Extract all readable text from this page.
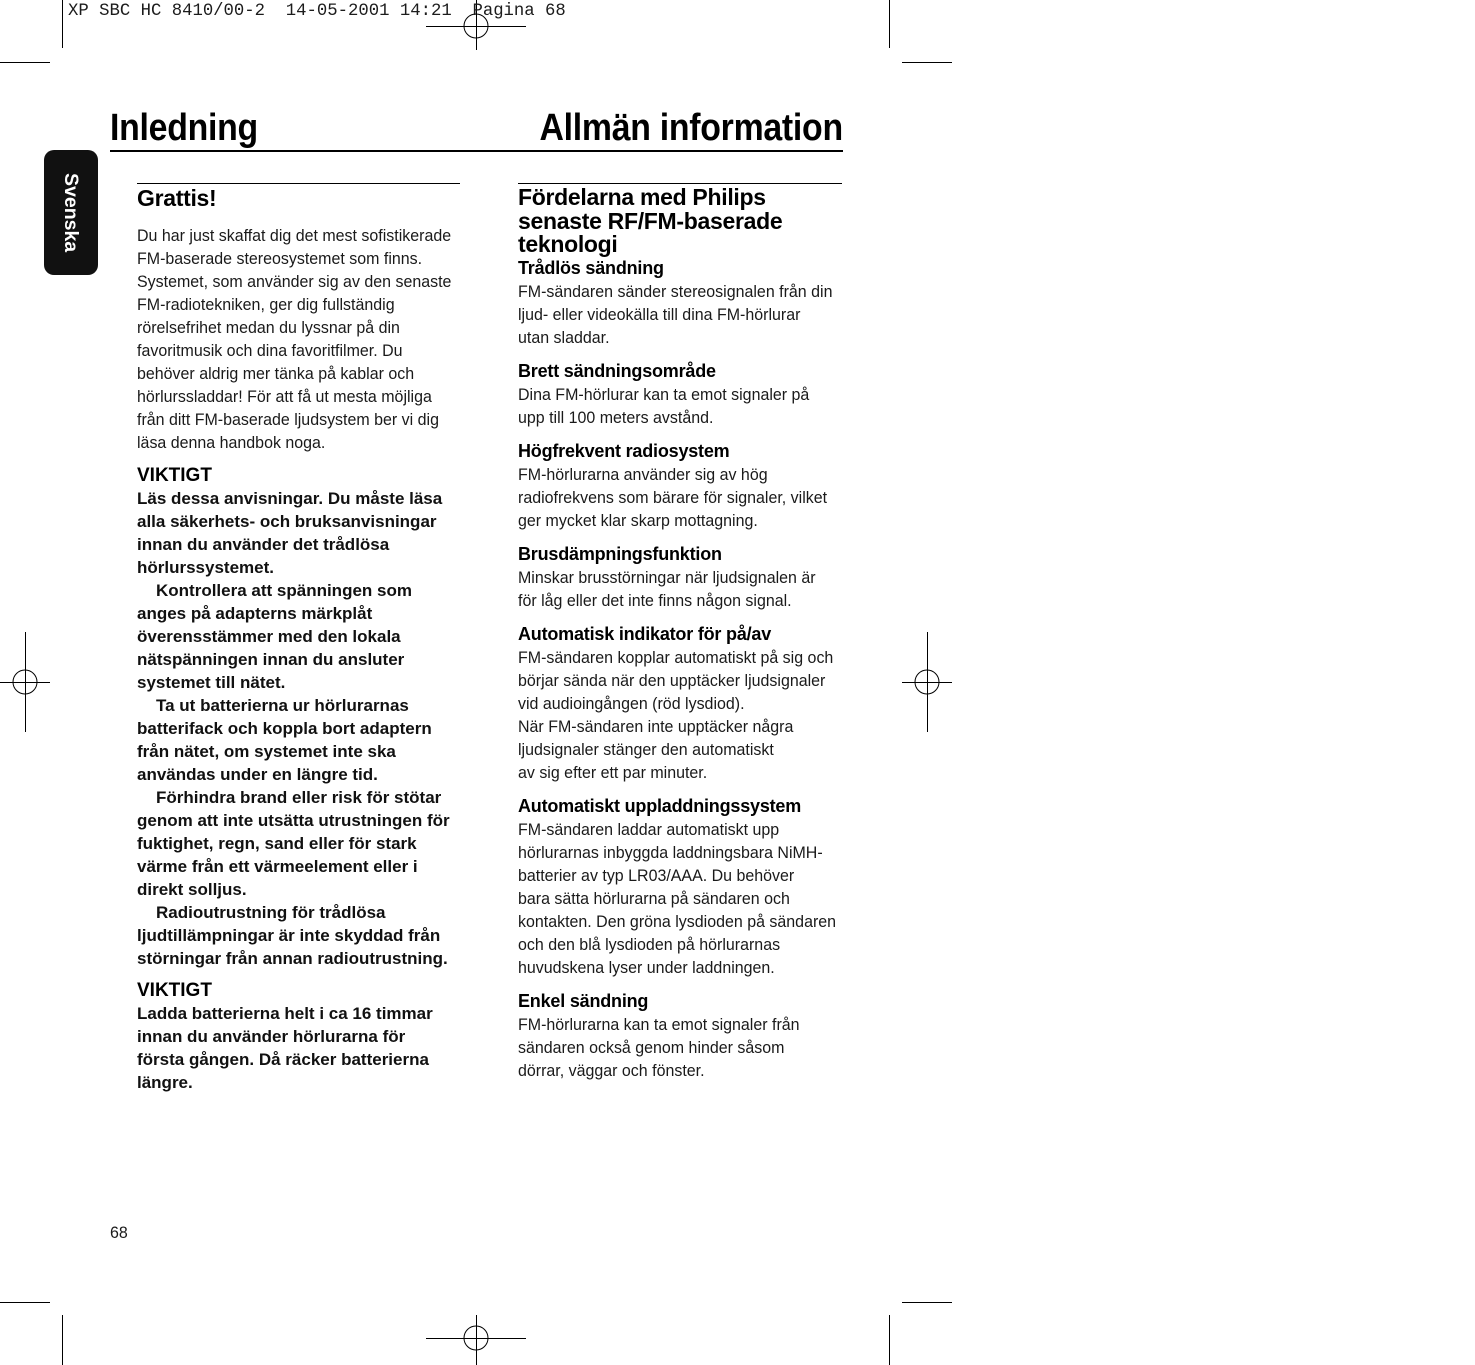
XP SBC HC 8410/00-2  14-05-2001 14:21  Pagina 68
Inledning	Allmän information
Svenska Grattis!
Du har just skaffat dig det mest sofistikerade
FM-baserade stereosystemet som finns.
Systemet, som använder sig av den senaste
FM-radiotekniken, ger dig fullständig
rörelsefrihet medan du lyssnar på din
favoritmusik och dina favoritfilmer. Du
behöver aldrig mer tänka på kablar och
hörlurssladdar! För att få ut mesta möjliga
från ditt FM-baserade ljudsystem ber vi dig
läsa denna handbok noga.
VIKTIGT
Läs dessa anvisningar. Du måste läsa
alla säkerhets- och bruksanvisningar
innan du använder det trådlösa
hörlurssystemet.
Kontrollera att spänningen som
anges på adapterns märkplåt
överensstämmer med den lokala
nätspänningen innan du ansluter
systemet till nätet.
Ta ut batterierna ur hörlurarnas
batterifack och koppla bort adaptern
från nätet, om systemet inte ska
användas under en längre tid.
Förhindra brand eller risk för stötar
genom att inte utsätta utrustningen för
fuktighet, regn, sand eller för stark
värme från ett värmeelement eller i
direkt solljus.
Radioutrustning för trådlösa
ljudtillämpningar är inte skyddad från
störningar från annan radioutrustning.
VIKTIGT
Ladda batterierna helt i ca 16 timmar
innan du använder hörlurarna för
första gången. Då räcker batterierna
längre.
Fördelarna med Philips
senaste RF/FM-baserade
teknologi
Trådlös sändning
FM-sändaren sänder stereosignalen från din
ljud- eller videokälla till dina FM-hörlurar
utan sladdar.
Brett sändningsområde
Dina FM-hörlurar kan ta emot signaler på
upp till 100 meters avstånd.
Högfrekvent radiosystem
FM-hörlurarna använder sig av hög
radiofrekvens som bärare för signaler, vilket
ger mycket klar skarp mottagning.
Brusdämpningsfunktion
Minskar brusstörningar när ljudsignalen är
för låg eller det inte finns någon signal.
Automatisk indikator för på/av
FM-sändaren kopplar automatiskt på sig och
börjar sända när den upptäcker ljudsignaler
vid audioingången (röd lysdiod).
När FM-sändaren inte upptäcker några
ljudsignaler stänger den automatiskt
av sig efter ett par minuter.
Automatiskt uppladdningssystem
FM-sändaren laddar automatiskt upp
hörlurarnas inbyggda laddningsbara NiMH-
batterier av typ LR03/AAA. Du behöver
bara sätta hörlurarna på sändaren och
kontakten. Den gröna lysdioden på sändaren
och den blå lysdioden på hörlurarnas
huvudskena lyser under laddningen.
Enkel sändning
FM-hörlurarna kan ta emot signaler från
sändaren också genom hinder såsom
dörrar, väggar och fönster.
68
